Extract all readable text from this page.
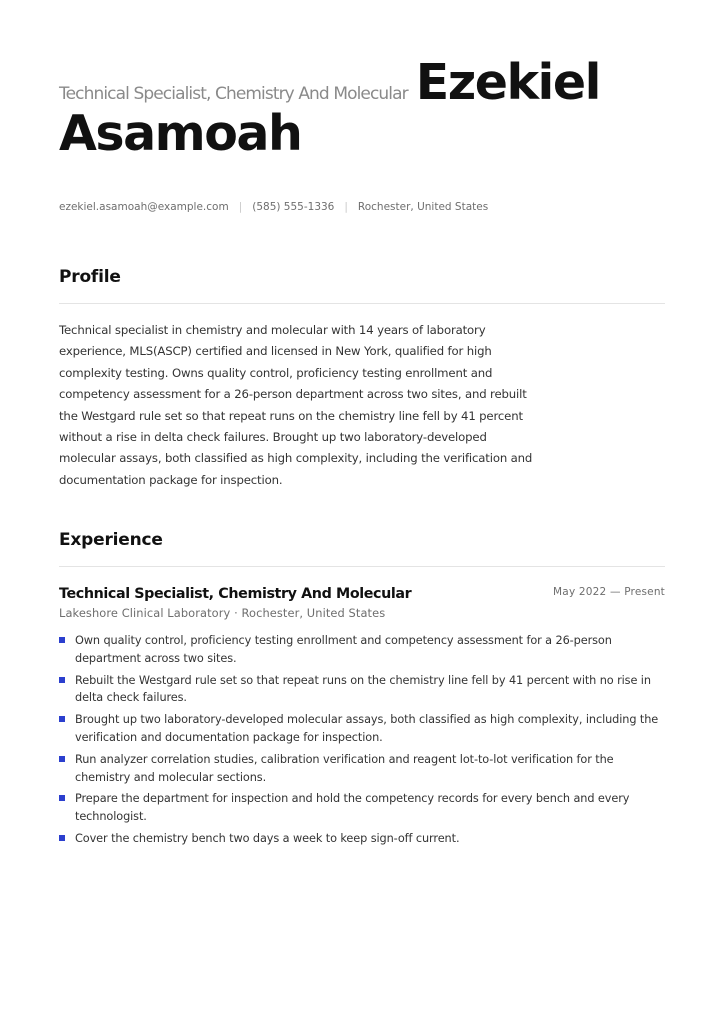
Technical Specialist, Chemistry And Molecular Ezekiel
Asamoah
ezekiel.asamoah@example.com | (585) 555-1336 | Rochester, United States
Profile
Technical specialist in chemistry and molecular with 14 years of laboratory experience, MLS(ASCP) certified and licensed in New York, qualified for high complexity testing. Owns quality control, proficiency testing enrollment and competency assessment for a 26-person department across two sites, and rebuilt the Westgard rule set so that repeat runs on the chemistry line fell by 41 percent without a rise in delta check failures. Brought up two laboratory-developed molecular assays, both classified as high complexity, including the verification and documentation package for inspection.
Experience
Technical Specialist, Chemistry And Molecular	May 2022 — Present
Lakeshore Clinical Laboratory · Rochester, United States
Own quality control, proficiency testing enrollment and competency assessment for a 26-person department across two sites.
Rebuilt the Westgard rule set so that repeat runs on the chemistry line fell by 41 percent with no rise in delta check failures.
Brought up two laboratory-developed molecular assays, both classified as high complexity, including the verification and documentation package for inspection.
Run analyzer correlation studies, calibration verification and reagent lot-to-lot verification for the chemistry and molecular sections.
Prepare the department for inspection and hold the competency records for every bench and every technologist.
Cover the chemistry bench two days a week to keep sign-off current.
